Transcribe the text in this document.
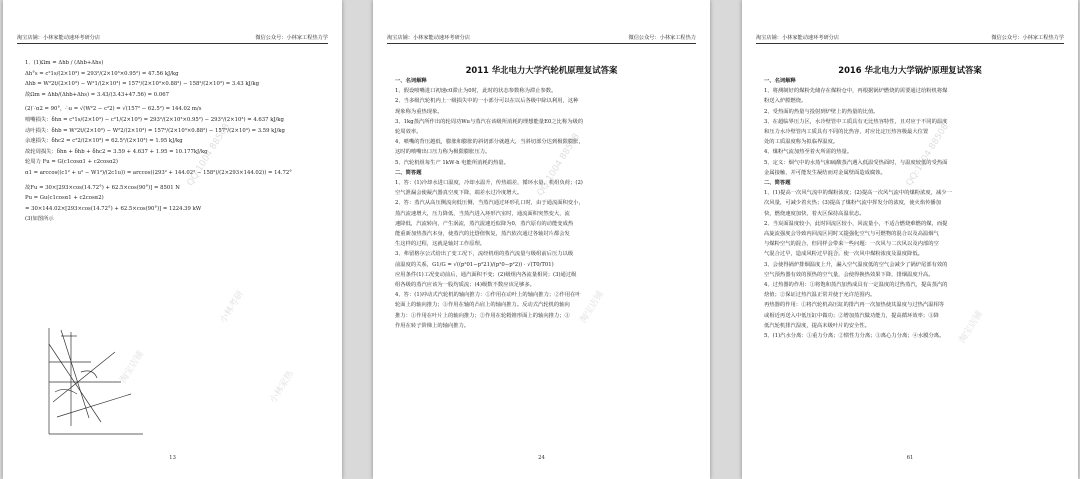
淘宝店铺：小林家能动速环考研分店	微信公众号：小林家工程热力学
1．(1)Ωm = Δhb / (Δhb+Δhs)
Δh°s = c²1s/(2×10³) = 293²/(2×10³×0.95²) = 47.56 kJ/kg
Δhb = W²2t/(2×10³) − W²1/(2×10³) = 157²/(2×10³×0.88²) − 158²/(2×10³) = 3.43 kJ/kg
故Ωm = Δhb/(Δhb+Δhs) = 3.43/(3.43+47.56) = 0.067
(2)∵α2 = 90°，∴u = √(W²2 − c²2) = √(157² − 62.5²) = 144.02 m/s
喷嘴损失：δhn = c²1s/(2×10³) − c²1/(2×10³) = 293²/(2×10³×0.95²) − 293²/(2×10³) = 4.637 kJ/kg
动叶损失：δhb = W²2t/(2×10³) − W²2/(2×10³) = 157²/(2×10³×0.88²) − 157²/(2×10³) = 3.59 kJ/kg
余速损失：δhc2 = c²2/(2×10³) = 62.5²/(2×10³) = 1.95 kJ/kg
故轮周损失：δhn + δhb + δhc2 = 3.59 + 4.637 + 1.95 = 10.177kJ/kg
轮周力 Fu = G(c1cosα1 + c2cosα2)
α1 = arccos((c1² + u² − W1²)/(2c1u)) = arccos((293² + 144.02² − 158²)/(2×293×144.02)) = 14.72°
故Fu = 30×[293×cos(14.72°) + 62.5×cos(90°)] = 8501 N
Pu = Gu(c1cosα1 + c2cosα2)
= 30×144.02×[293×cos(14.72°) + 62.5×cos(90°)] = 1224.39 kW
(3)如图所示
QQ:1004 88508
小林考研
淘宝店铺
小林家热
13
淘宝店铺：小林家能动速环考研分店	微信公众号：小林家工程热力
2011 华北电力大学汽轮机原理复试答案
一、名词解释
1、假设喷嘴进口初速c0滞止为0时，此时的状态参数称为滞止参数。
2、当多级汽轮机内上一级损失中的一小部分可以在以后各级中除以利用，这种
现象称为重热现象。
3、1kg蒸汽所作出的轮周功Wu与蒸汽在该级所消耗的理想能量E0之比称为级的
轮周效率。
4、喷嘴的背压越低，膨胀和膨胀的斜切部分就越大，当斜切部分达到极限膨胀，
这时的喷嘴出口压力称为极限膨胀压力。
5、汽轮机组每生产 1kW·h 电能所消耗的热量。
二、简答题
1、答：(1)冷却水进口温度，冷却水温升，传热端差，循环水量，机组负荷；(2)
空气泄漏会使凝汽器真空度下降，端差水过冷度增大。
2、答：蒸汽从高压侧流向低压侧，当蒸汽通过环形孔口时，由于通流面积变小，
蒸汽流速增大，压力降低，当蒸汽进入环形汽室时，通流面积突然变大，流
速降低，汽流转向，产生涡流，蒸汽流速近似降为0，蒸汽原有的动能变成热
能重新加热蒸汽本身，使蒸汽的比焓值恢复，蒸汽依次通过各轴封片都会发
生这样的过程，这就是轴封工作原理。
3、弗留格尔公式给出了变工况下，流经机组的蒸汽流量与级组前后压力以级
前温度的关系，G1/G = √((p²01−p²21)/(p²0−p²2)) · √(T0/T01)
应用条件(1)工况变动前后，通汽面积不变；(2)级组内各流量相同；(3)通过级
组各级的蒸汽应该为一股均质流；(4)级数不数应该足够多。
4、答：(1)冲动式汽轮机的轴向推力：①作用在动叶上的轴向推力；②作用在叶
轮面上的轴向推力；③作用在轴的凸肩上的轴向推力。反动式汽轮机的轴向
推力：①作用在叶片上的轴向推力；②作用在轮毂锥形面上的轴向推力；③
作用在转子阶梯上的轴向推力。
QQ:1004 88508
小林考研
淘宝店铺
24
淘宝店铺：小林家能动速环考研分店	微信公众号：小林家工程热力学
2016 华北电力大学锅炉原理复试答案
一、名词解释
1、将测制好的煤粉先储存在煤粉仓中，再根据锅炉燃烧的需要通过给粉机将煤
粉送入炉膛燃烧。
2、受热面的热量与投射到炉壁上的热量的比值。
3、在超临界压力区，水冷壁管中工质具有无比热容特性，且对应于不同的温度
和压力水冷壁管内工质具有不同的比热容，对应比定压热容极最大位置
处的工质温度称为拟临界温度。
4、煤粉气流加热至着火所需的热量。
5、定义：烟气中的水蒸气和硫酸蒸汽遇入低温受热面时，与温度较低的受热面
金属接触，并可能发生凝结而对金属壁面造成腐蚀。
二、简答题
1、(1)提高一次风气流中的煤粉浓度；(2)提高一次风气流中的煤粉浓度，减少一
次风量，可减少着火热；(3)提高了煤粉气流中挥发分的浓度，使火焰传播加
快，燃烧速度加快，着火区保持高温状态。
2、当炭面温度较小，此时回流区较小，回流量小，不适合燃烧难燃的煤，而提
高旋流强度会导致内回流区同时又提强化空气与可燃物的混合以及高温烟气
与煤粉空气的混合，但同样会带来一些问题：一次风与二次风以及内部的空
气混合过早，造成风粉过早混合，使一次风中煤粉浓度及温度降低。
3、会使得锅炉排烟温度上升，漏入空气温度低的空气会减少了锅炉尾部有效的
空气预热器有效的预热的空气量，会使得换热效果下降，排烟温度升高。
4、过热器的作用：①将饱和蒸汽加热成具有一定温度的过热蒸汽，提高蒸汽的
焓值；②保证过热汽温正常并使于允许范围内。
再热器的作用：①将汽轮机高压缸的排汽再一次加热使其温度与过热汽温相等
或相近再送入中低压缸中做功；②增加蒸汽做功能力，提高循环效率；③降
低汽轮机排汽湿度，提高末级叶片的安全性。
5、(1)汽水分离：①重力分离；②惯性力分离；③离心力分离；④水膜分离。
QQ:1004 88508
小林考研
淘宝店铺
61
